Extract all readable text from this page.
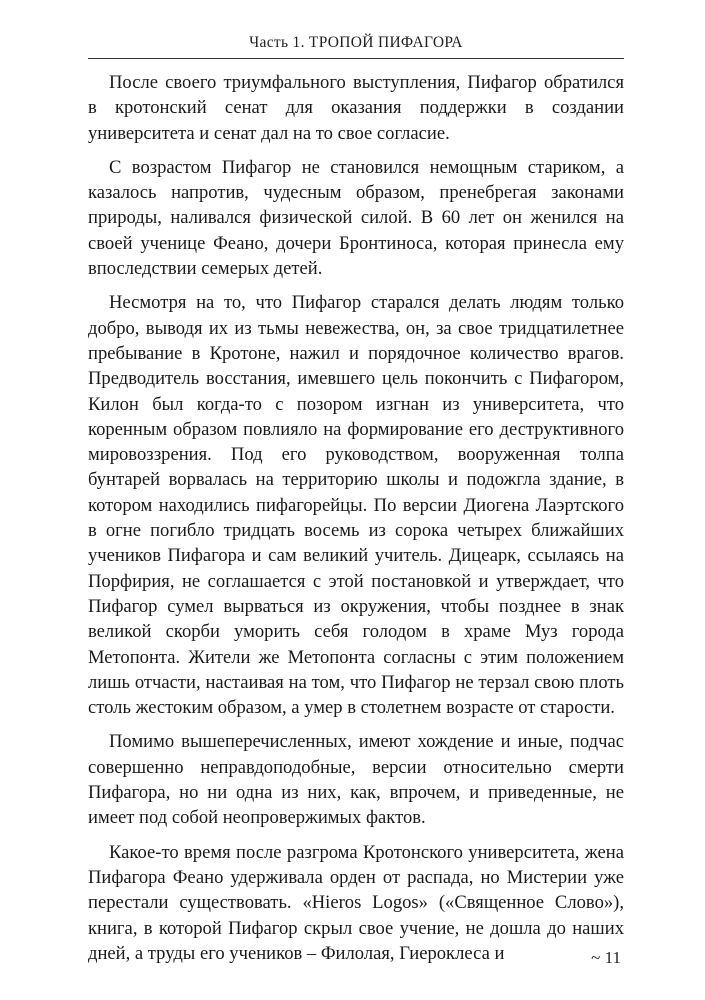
Часть 1. ТРОПОЙ ПИФАГОРА

После своего триумфального выступления, Пифагор обратился в кротонский сенат для оказания поддержки в создании университета и сенат дал на то свое согласие.

С возрастом Пифагор не становился немощным стариком, а казалось напротив, чудесным образом, пренебрегая законами природы, наливался физической силой. В 60 лет он женился на своей ученице Феано, дочери Бронтиноса, которая принесла ему впоследствии семерых детей.

Несмотря на то, что Пифагор старался делать людям только добро, выводя их из тьмы невежества, он, за свое тридцатилетнее пребывание в Кротоне, нажил и порядочное количество врагов. Предводитель восстания, имевшего цель покончить с Пифагором, Килон был когда-то с позором изгнан из университета, что коренным образом повлияло на формирование его деструктивного мировоззрения. Под его руководством, вооруженная толпа бунтарей ворвалась на территорию школы и подожгла здание, в котором находились пифагорейцы. По версии Диогена Лаэртского в огне погибло тридцать восемь из сорока четырех ближайших учеников Пифагора и сам великий учитель. Дицеарк, ссылаясь на Порфирия, не соглашается с этой постановкой и утверждает, что Пифагор сумел вырваться из окружения, чтобы позднее в знак великой скорби уморить себя голодом в храме Муз города Метопонта. Жители же Метопонта согласны с этим положением лишь отчасти, настаивая на том, что Пифагор не терзал свою плоть столь жестоким образом, а умер в столетнем возрасте от старости.

Помимо вышеперечисленных, имеют хождение и иные, подчас совершенно неправдоподобные, версии относительно смерти Пифагора, но ни одна из них, как, впрочем, и приведенные, не имеет под собой неопровержимых фактов.

Какое-то время после разгрома Кротонского университета, жена Пифагора Феано удерживала орден от распада, но Мистерии уже перестали существовать. «Hieros Logos» («Священное Слово»), книга, в которой Пифагор скрыл свое учение, не дошла до наших дней, а труды его учеников – Филолая, Гиероклеса и	~ 11
